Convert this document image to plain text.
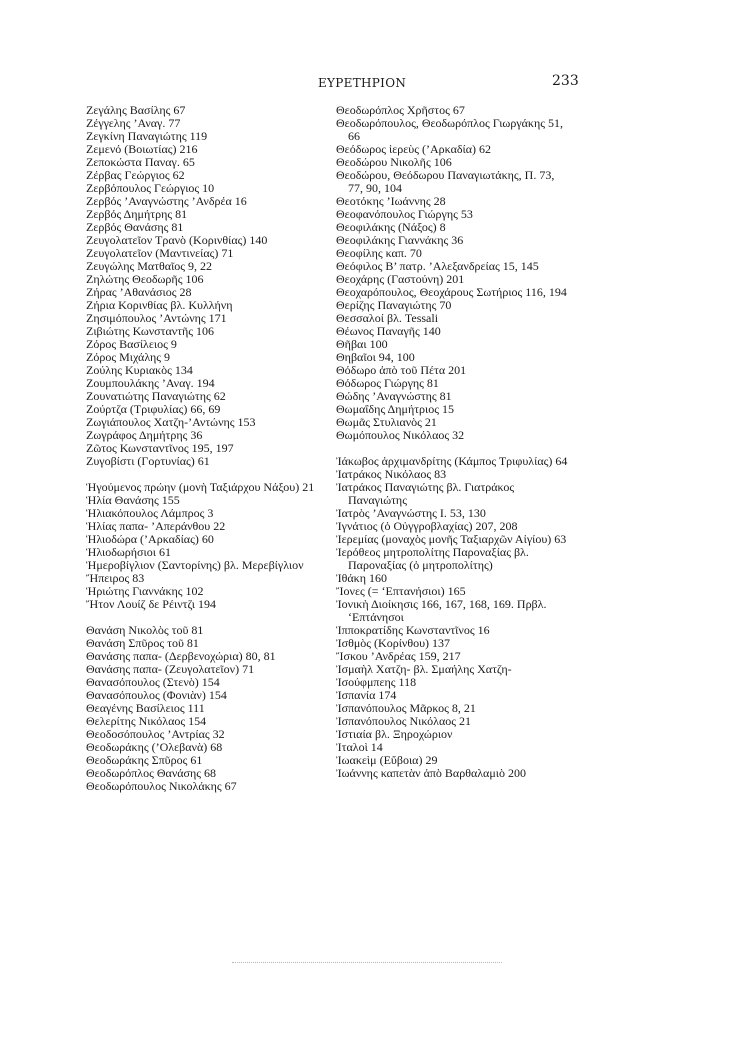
ΕΥΡΕΤΗΡΙΟΝ	233
Ζεγάλης Βασίλης 67
Ζέγγελης ’Αναγ. 77
Ζεγκίνη Παναγιώτης 119
Ζεμενό (Βοιωτίας) 216
Ζεποκώστα Παναγ. 65
Ζέρβας Γεώργιος 62
Ζερβόπουλος Γεώργιος 10
Ζερβός ’Αναγνώστης ’Ανδρέα 16
Ζερβός Δημήτρης 81
Ζερβός Θανάσης 81
Ζευγολατεῖον Τρανὸ (Κορινθίας) 140
Ζευγολατεῖον (Μαντινείας) 71
Ζευγώλης Ματθαῖος 9, 22
Ζηλώτης Θεοδωρῆς 106
Ζήρας ’Αθανάσιος 28
Ζήρια Κορινθίας βλ. Κυλλήνη
Ζησιμόπουλος ’Αντώνης 171
Ζιβιώτης Κωνσταντῆς 106
Ζόρος Βασίλειος 9
Ζόρος Μιχάλης 9
Ζούλης Κυριακὸς 134
Ζουμπουλάκης ’Αναγ. 194
Ζουνατιώτης Παναγιώτης 62
Ζούρτζα (Τριφυλίας) 66, 69
Ζωγιάπουλος Χατζη-’Αντώνης 153
Ζωγράφος Δημήτρης 36
Ζῶτος Κωνσταντῖνος 195, 197
Ζυγοβίστι (Γορτυνίας) 61
Ἡγούμενος πρώην (μονὴ Ταξιάρχου Νάξου) 21
Ἡλία Θανάσης 155
Ἡλιακόπουλος Λάμπρος 3
Ἡλίας παπα- ’Απεράνθου 22
Ἡλιοδώρα (’Αρκαδίας) 60
Ἡλιοδωρήσιοι 61
Ἡμεροβίγλιον (Σαντορίνης) βλ. Μερεβίγλιον
Ἤπειρος 83
Ἡριώτης Γιαννάκης 102
Ἤτον Λουίζ δε Ρέιντζι 194
Θανάση Νικολὸς τοῦ 81
Θανάση Σπῦρος τοῦ 81
Θανάσης παπα- (Δερβενοχώρια) 80, 81
Θανάσης παπα- (Ζευγολατεῖον) 71
Θανασόπουλος (Στενὸ) 154
Θανασόπουλος (Φονιὰν) 154
Θεαγένης Βασίλειος 111
Θελερίτης Νικόλαος 154
Θεοδοσόπουλος ’Αντρίας 32
Θεοδωράκης (’Ολεβανὰ) 68
Θεοδωράκης Σπῦρος 61
Θεοδωρόπλος Θανάσης 68
Θεοδωρόπουλος Νικολάκης 67
Θεοδωρόπλος Χρῆστος 67
Θεοδωρόπουλος, Θεοδωρόπλος Γιωργάκης 51, 66
Θεόδωρος ἱερεὺς (’Αρκαδία) 62
Θεοδώρου Νικολῆς 106
Θεοδώρου, Θεόδωρου Παναγιωτάκης, Π. 73, 77, 90, 104
Θεοτόκης ’Ιωάννης 28
Θεοφανόπουλος Γιώργης 53
Θεοφιλάκης (Νάξος) 8
Θεοφιλάκης Γιαννάκης 36
Θεοφίλης καπ. 70
Θεόφιλος Β’ πατρ. ’Αλεξανδρείας 15, 145
Θεοχάρης (Γαστούνη) 201
Θεοχαρόπουλος, Θεοχάρους Σωτήριος 116, 194
Θερίζης Παναγιώτης 70
Θεσσαλοί βλ. Tessali
Θέωνος Παναγῆς 140
Θῆβαι 100
Θηβαῖοι 94, 100
Θόδωρο ἀπὸ τοῦ Πέτα 201
Θόδωρος Γιώργης 81
Θώδης ’Αναγνώστης 81
Θωμαΐδης Δημήτριος 15
Θωμᾶς Στυλιανὸς 21
Θωμόπουλος Νικόλαος 32
Ἰάκωβος ἀρχιμανδρίτης (Κάμπος Τριφυλίας) 64
Ἰατράκος Νικόλαος 83
Ἰατράκος Παναγιώτης βλ. Γιατράκος Παναγιώτης
Ἰατρὸς ’Αναγνώστης Ι. 53, 130
Ἰγνάτιος (ὁ Οὐγγροβλαχίας) 207, 208
Ἰερεμίας (μοναχὸς μονῆς Ταξιαρχῶν Αἰγίου) 63
Ἰερόθεος μητροπολίτης Παροναξίας βλ. Παροναξίας (ὁ μητροπολίτης)
Ἰθάκη 160
Ἴονες (= ‘Επτανήσιοι) 165
Ἰονικὴ Διοίκησις 166, 167, 168, 169. Πρβλ. ‘Επτάνησοι
Ἱπποκρατίδης Κωνσταντῖνος 16
Ἰσθμὸς (Κορίνθου) 137
Ἴσκου ’Ανδρέας 159, 217
Ἰσμαὴλ Χατζη- βλ. Σμαήλης Χατζη-
Ἰσούφμπεης 118
Ἰσπανία 174
Ἰσπανόπουλος Μᾶρκος 8, 21
Ἰσπανόπουλος Νικόλαος 21
Ἱστιαία βλ. Ξηροχώριον
Ἰταλοὶ 14
Ἰωακεὶμ (Εὔβοια) 29
Ἰωάννης καπετὰν ἀπὸ Βαρθαλαμιὸ 200
